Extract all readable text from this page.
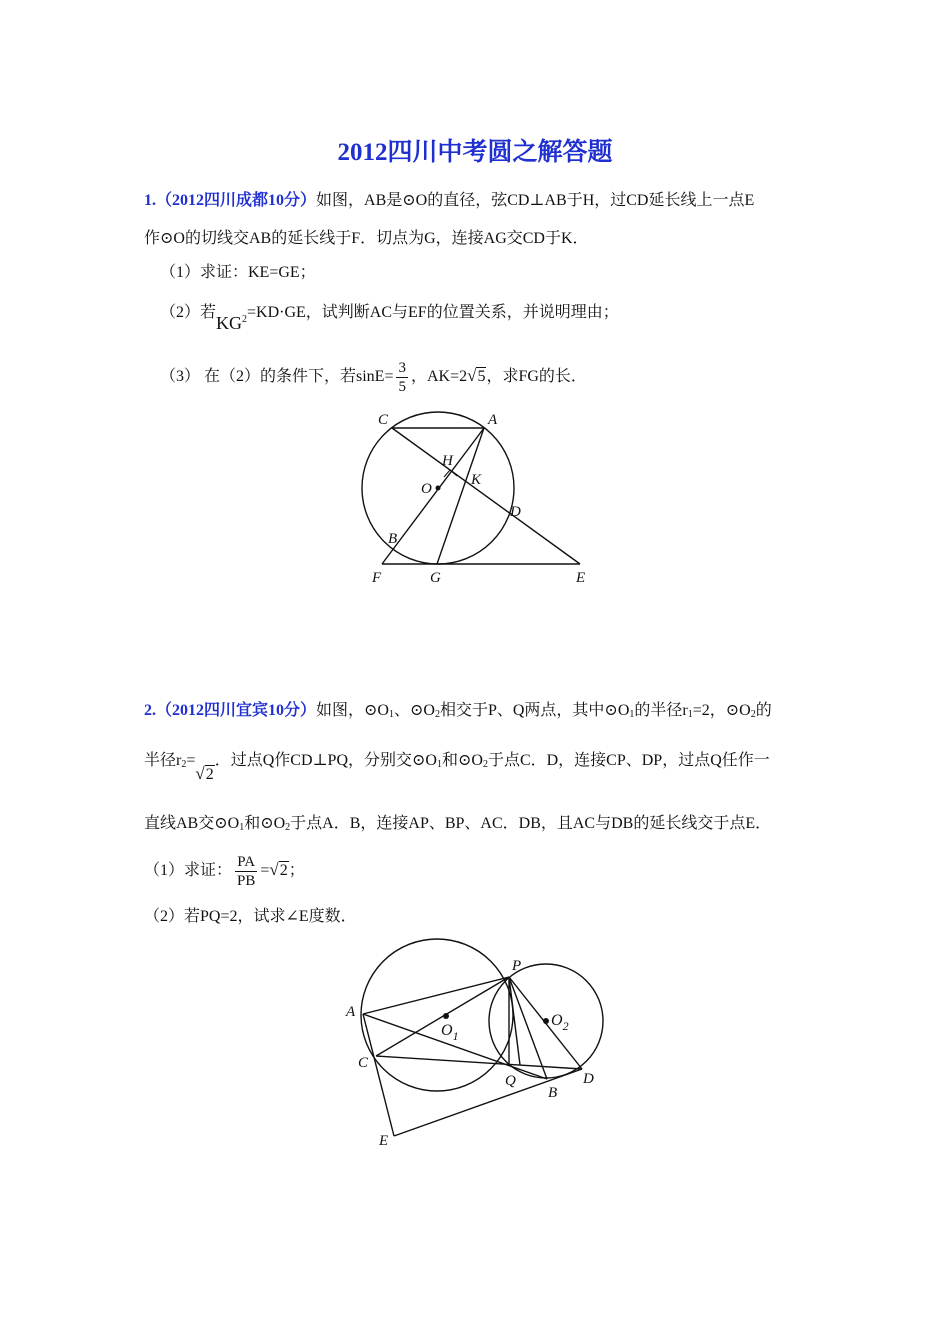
2012四川中考圆之解答题
1.（2012四川成都10分）如图，AB是⊙O的直径，弦CD⊥AB于H，过CD延长线上一点E
作⊙O的切线交AB的延长线于F．切点为G，连接AG交CD于K．
（1）求证：KE=GE；
（2）若$KG^2=KD\cdot GE$，试判断AC与EF的位置关系，并说明理由；
（3） 在（2）的条件下，若$\sin E= \frac{3}{5}$ ，AK=2√5，求FG的长．
C	A
H
O
K
D
B
F	G	E
2.（2012四川宜宾10分）如图，$⊙O_1$、$⊙O_2$相交于P、Q两点，其中$⊙O_1$的半径$r_1=2$，$⊙O_2$的
半径$r_2=√2$．过点Q作CD⊥PQ，分别交$⊙O_1$和$⊙O_2$于点C．D，连接CP、DP，过点Q任作一
直线AB交$⊙O_1$和$⊙O_2$于点A．B，连接AP、BP、AC．DB，且AC与DB的延长线交于点E．
（1）求证： $\frac{PA}{PB} =√2$；
（2）若PQ=2，试求∠E度数．
P
A
$O_1$
$O_2$
C
Q
B
D
E
